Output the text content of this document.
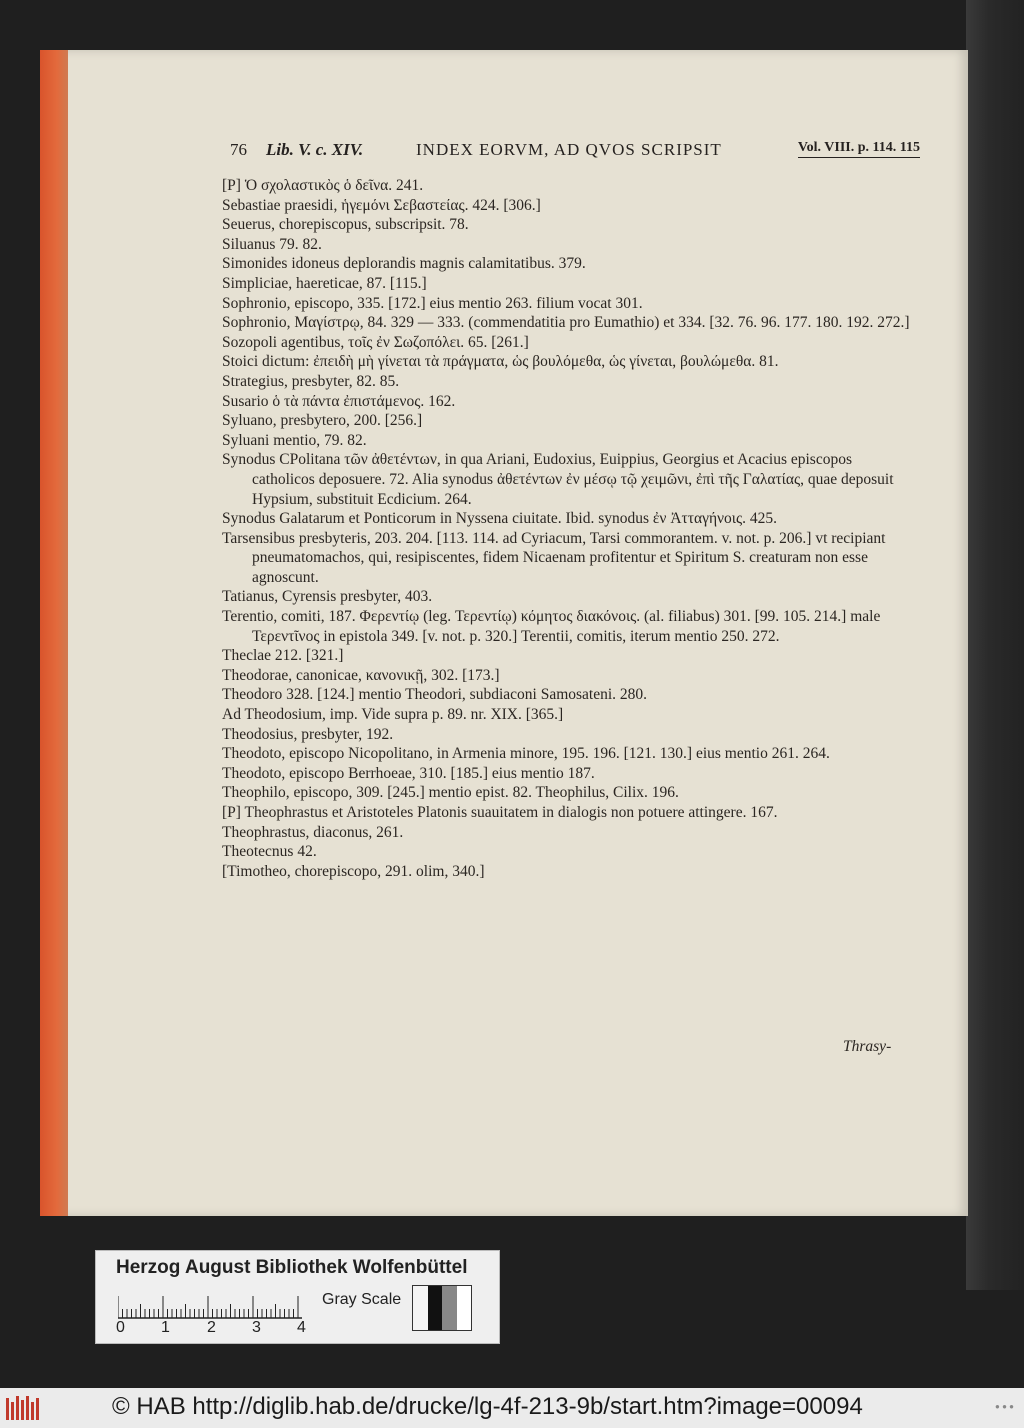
76 Lib. V. c. XIV.	INDEX EORVM, AD QVOS SCRIPSIT	Vol. VIII. p. 114. 115

[P] Ὁ σχολαστικὸς ὁ δεῖνα. 241.

Sebastiae praesidi, ἡγεμόνι Σεβαστείας. 424. [306.]

Seuerus, chorepiscopus, subscripsit. 78.

Siluanus 79. 82.

Simonides idoneus deplorandis magnis calamitatibus. 379.

Simpliciae, haereticae, 87. [115.]

Sophronio, episcopo, 335. [172.] eius mentio 263. filium vocat 301.

Sophronio, Μαγίστρῳ, 84. 329 — 333. (commendatitia pro Eumathio) et 334. [32. 76. 96. 177. 180. 192. 272.]

Sozopoli agentibus, τοῖς ἐν Σωζοπόλει. 65. [261.]

Stoici dictum: ἐπειδὴ μὴ γίνεται τὰ πράγματα, ὡς βουλόμεθα, ὡς γίνεται, βουλώμεθα. 81.

Strategius, presbyter, 82. 85.

Susario ὁ τὰ πάντα ἐπιστάμενος. 162.

Syluano, presbytero, 200. [256.]

Syluani mentio, 79. 82.

Synodus CPolitana τῶν ἀθετέντων, in qua Ariani, Eudoxius, Euippius, Georgius et Acacius episcopos catholicos deposuere. 72. Alia synodus ἀθετέντων ἐν μέσῳ τῷ χειμῶνι, ἐπὶ τῆς Γαλατίας, quae deposuit Hypsium, substituit Ecdicium. 264.

Synodus Galatarum et Ponticorum in Nyssena ciuitate. Ibid. synodus ἐν Ἀτταγήνοις. 425.

Tarsensibus presbyteris, 203. 204. [113. 114. ad Cyriacum, Tarsi commorantem. v. not. p. 206.] vt recipiant pneumatomachos, qui, resipiscentes, fidem Nicaenam profitentur et Spiritum S. creaturam non esse agnoscunt.

Tatianus, Cyrensis presbyter, 403.

Terentio, comiti, 187. Φερεντίῳ (leg. Τερεντίῳ) κόμητος διακόνοις. (al. filiabus) 301. [99. 105. 214.] male Τερεντῖνος in epistola 349. [v. not. p. 320.] Terentii, comitis, iterum mentio 250. 272.

Theclae 212. [321.]

Theodorae, canonicae, κανονικῇ, 302. [173.]

Theodoro 328. [124.] mentio Theodori, subdiaconi Samosateni. 280.

Ad Theodosium, imp. Vide supra p. 89. nr. XIX. [365.]

Theodosius, presbyter, 192.

Theodoto, episcopo Nicopolitano, in Armenia minore, 195. 196. [121. 130.] eius mentio 261. 264.

Theodoto, episcopo Berrhoeae, 310. [185.] eius mentio 187.

Theophilo, episcopo, 309. [245.] mentio epist. 82. Theophilus, Cilix. 196.

[P] Theophrastus et Aristoteles Platonis suauitatem in dialogis non potuere attingere. 167.

Theophrastus, diaconus, 261.

Theotecnus 42.

[Timotheo, chorepiscopo, 291. olim, 340.]

Thrasy-
Herzog August Bibliothek Wolfenbüttel
0 1 2 3 4
Gray Scale
© HAB http://diglib.hab.de/drucke/lg-4f-213-9b/start.htm?image=00094	● ● ●
